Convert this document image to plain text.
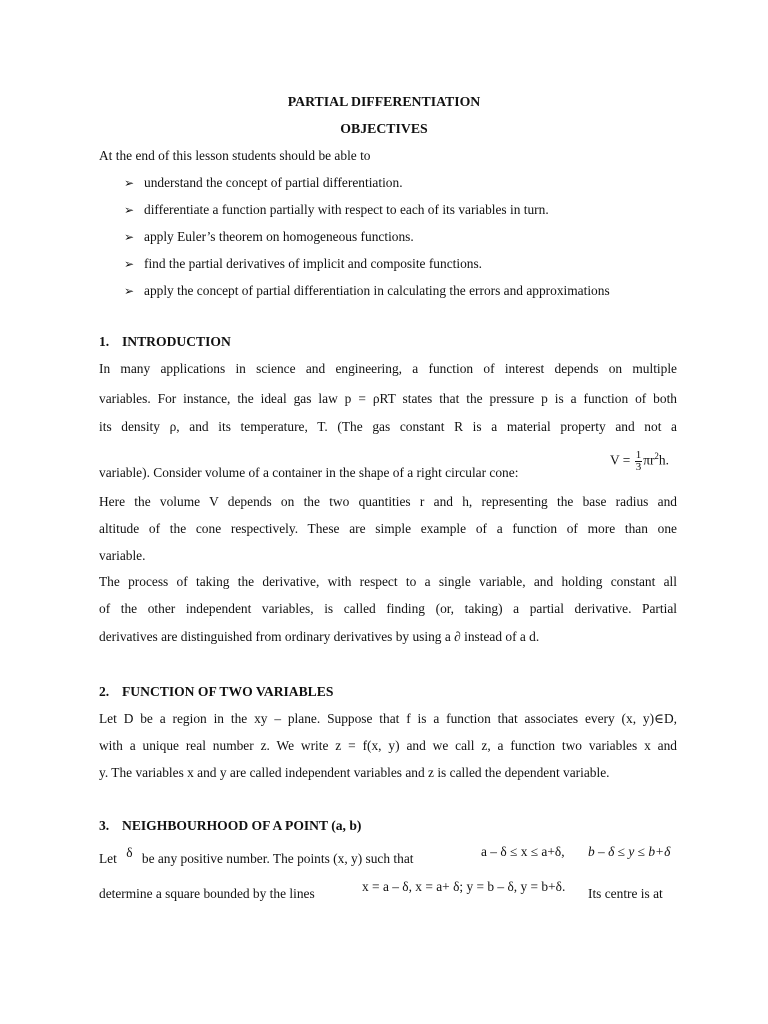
PARTIAL DIFFERENTIATION
OBJECTIVES
At the end of this lesson students should be able to
➢ understand the concept of partial differentiation.
➢ differentiate a function partially with respect to each of its variables in turn.
➢ apply Euler’s theorem on homogeneous functions.
➢ find the partial derivatives of implicit and composite functions.
➢ apply the concept of partial differentiation in calculating the errors and approximations
1. INTRODUCTION
In many applications in science and engineering, a function of interest depends on multiple
variables. For instance, the ideal gas law p = ρRT states that the pressure p is a function of both
its density ρ, and its temperature, T. (The gas constant R is a material property and not a
variable). Consider volume of a container in the shape of a right circular cone:
$V = \frac{1}{3} \pi r^2h$.
Here the volume V depends on the two quantities r and h, representing the base radius and
altitude of the cone respectively. These are simple example of a function of more than one
variable.
The process of taking the derivative, with respect to a single variable, and holding constant all
of the other independent variables, is called finding (or, taking) a partial derivative. Partial
derivatives are distinguished from ordinary derivatives by using a ∂ instead of a d.
2. FUNCTION OF TWO VARIABLES
Let D be a region in the xy – plane. Suppose that f is a function that associates every (x, y)∈D,
with a unique real number z. We write z = f(x, y) and we call z, a function two variables x and
y. The variables x and y are called independent variables and z is called the dependent variable.
3. NEIGHBOURHOOD OF A POINT (a, b)
Let δ be any positive number. The points (x, y) such that	a – δ ≤ x ≤ a+δ, b – δ ≤ y ≤ b+δ
determine a square bounded by the lines	x = a – δ, x = a+ δ; y = b – δ, y = b+δ. Its centre is at
